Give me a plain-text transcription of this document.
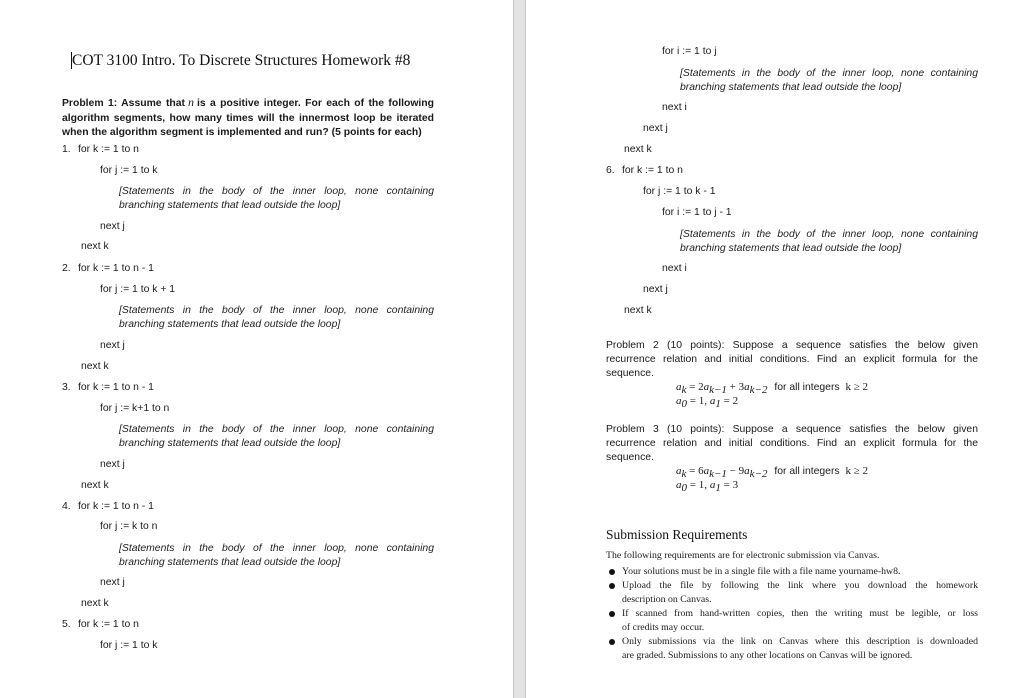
COT 3100 Intro. To Discrete Structures Homework #8
Problem 1: Assume that n is a positive integer. For each of the following algorithm segments, how many times will the innermost loop be iterated when the algorithm segment is implemented and run? (5 points for each)
1. for k := 1 to n
for j := 1 to k
[Statements in the body of the inner loop, none containing
branching statements that lead outside the loop]
next j
next k
2. for k := 1 to n - 1
for j := 1 to k + 1
[Statements in the body of the inner loop, none containing
branching statements that lead outside the loop]
next j
next k
3. for k := 1 to n - 1
for j := k+1 to n
[Statements in the body of the inner loop, none containing
branching statements that lead outside the loop]
next j
next k
4. for k := 1 to n - 1
for j := k to n
[Statements in the body of the inner loop, none containing
branching statements that lead outside the loop]
next j
next k
5. for k := 1 to n
for j := 1 to k
for i := 1 to j
[Statements in the body of the inner loop, none containing
branching statements that lead outside the loop]
next i
next j
next k
6. for k := 1 to n
for j := 1 to k - 1
for i := 1 to j - 1
[Statements in the body of the inner loop, none containing
branching statements that lead outside the loop]
next i
next j
next k
Problem 2 (10 points): Suppose a sequence satisfies the below given
recurrence relation and initial conditions. Find an explicit formula for the
sequence.
$a_k = 2a_{k-1} + 3a_{k-2}$ for all integers k ≥ 2
$a_0 = 1$, $a_1 = 2$
Problem 3 (10 points): Suppose a sequence satisfies the below given
recurrence relation and initial conditions. Find an explicit formula for the
sequence.
$a_k = 6a_{k-1} - 9a_{k-2}$ for all integers k ≥ 2
$a_0 = 1$, $a_1 = 3$
Submission Requirements
The following requirements are for electronic submission via Canvas.
Your solutions must be in a single file with a file name yourname-hw8.
Upload the file by following the link where you download the homework
description on Canvas.
If scanned from hand-written copies, then the writing must be legible, or loss
of credits may occur.
Only submissions via the link on Canvas where this description is downloaded
are graded. Submissions to any other locations on Canvas will be ignored.
